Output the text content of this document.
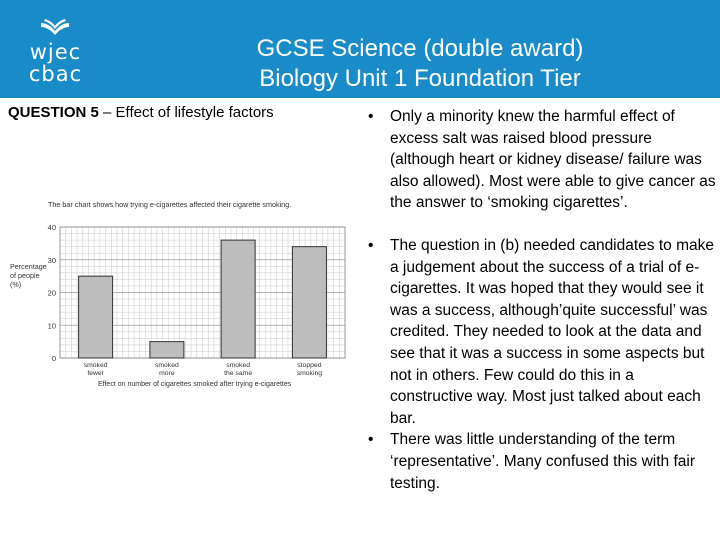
wjec
cbac
GCSE Science (double award)
Biology Unit 1 Foundation Tier
QUESTION 5 – Effect of lifestyle factors
The bar chart shows how trying e-cigarettes affected their cigarette smoking.
0
10
20
30
40
Percentage
of people
(%)
smoked
fewer
smoked
more
smoked
the same
stopped
smoking
Effect on number of cigarettes smoked after trying e-cigarettes
• Only a minority knew the harmful effect of excess salt was raised blood pressure (although heart or kidney disease/ failure was also allowed). Most were able to give cancer as the answer to ‘smoking cigarettes’.
• The question in (b) needed candidates to make a judgement about the success of a trial of e-cigarettes. It was hoped that they would see it was a success, although’quite successful’ was credited. They needed to look at the data and see that it was a success in some aspects but not in others. Few could do this in a constructive way. Most just talked about each bar.
• There was little understanding of the term ‘representative’. Many confused this with fair testing.
